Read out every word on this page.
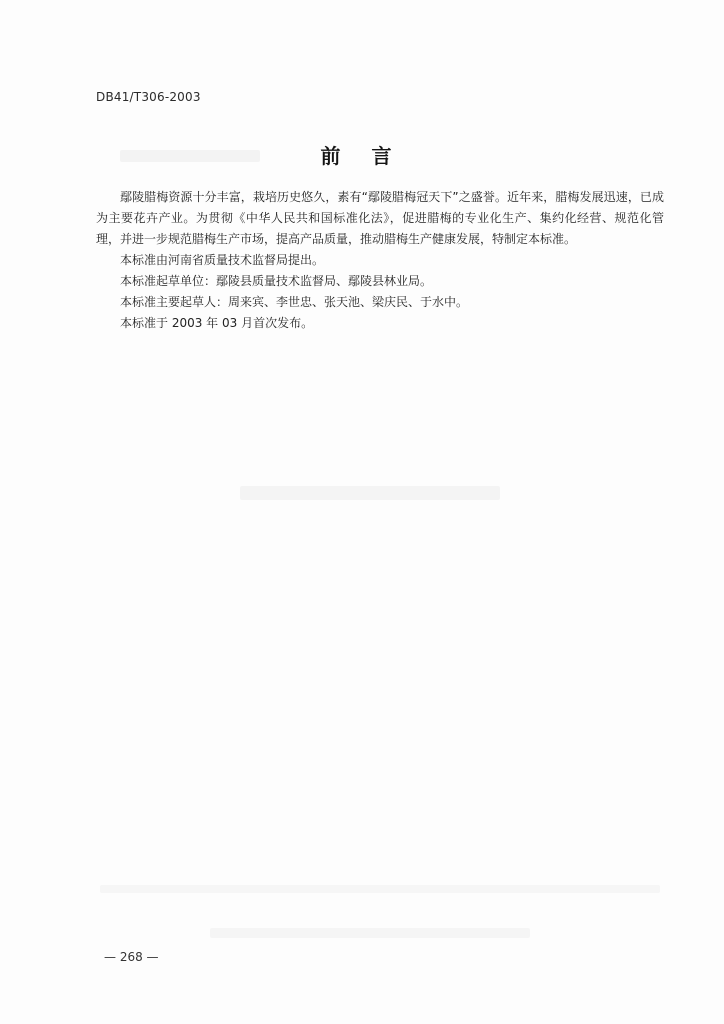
DB41/T306-2003
前 言

鄢陵腊梅资源十分丰富，栽培历史悠久，素有“鄢陵腊梅冠天下”之盛誉。近年来，腊梅发展迅速，已成为主要花卉产业。为贯彻《中华人民共和国标准化法》，促进腊梅的专业化生产、集约化经营、规范化管理，并进一步规范腊梅生产市场，提高产品质量，推动腊梅生产健康发展，特制定本标准。

本标准由河南省质量技术监督局提出。

本标准起草单位：鄢陵县质量技术监督局、鄢陵县林业局。

本标准主要起草人：周来宾、李世忠、张天池、梁庆民、于水中。

本标准于 2003 年 03 月首次发布。

— 268 —
